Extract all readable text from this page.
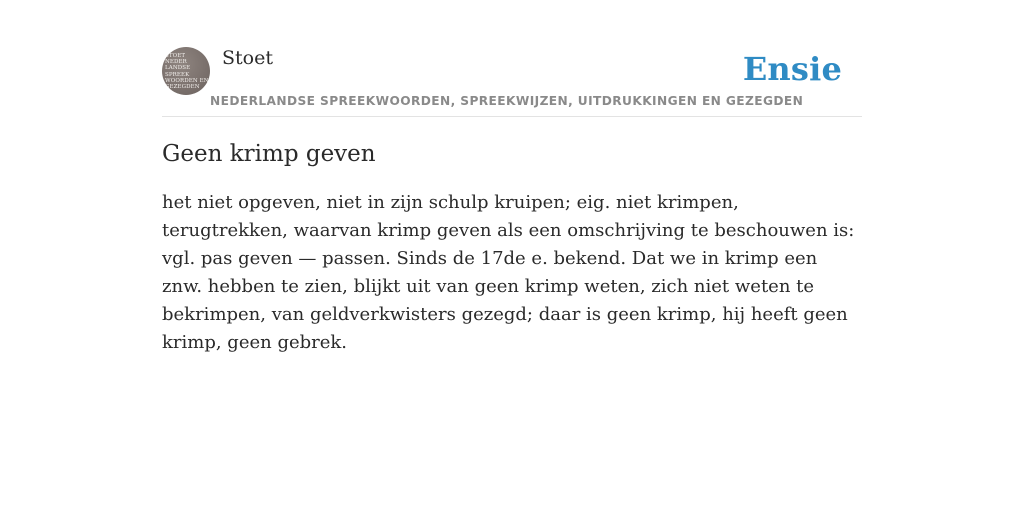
STOET
NEDER
LANDSE
SPREEK
WOORDEN EN
GEZEGDEN
Stoet	Ensie
NEDERLANDSE SPREEKWOORDEN, SPREEKWIJZEN, UITDRUKKINGEN EN GEZEGDEN
Geen krimp geven

het niet opgeven, niet in zijn schulp kruipen; eig. niet krimpen, terugtrekken, waarvan krimp geven als een omschrijving te beschouwen is: vgl. pas geven — passen. Sinds de 17de e. bekend. Dat we in krimp een znw. hebben te zien, blijkt uit van geen krimp weten, zich niet weten te bekrimpen, van geldverkwisters gezegd; daar is geen krimp, hij heeft geen krimp, geen gebrek.
